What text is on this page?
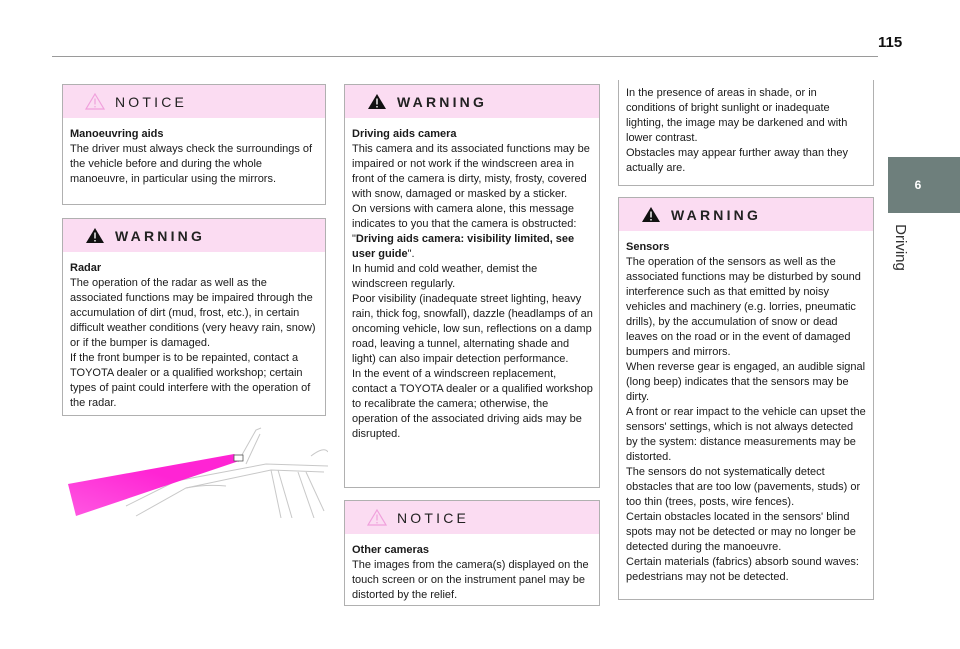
115
6
Driving
NOTICE
Manoeuvring aids
The driver must always check the surroundings of the vehicle before and during the whole manoeuvre, in particular using the mirrors.
WARNING
Radar
The operation of the radar as well as the associated functions may be impaired through the accumulation of dirt (mud, frost, etc.), in certain difficult weather conditions (very heavy rain, snow) or if the bumper is damaged.
If the front bumper is to be repainted, contact a TOYOTA dealer or a qualified workshop; certain types of paint could interfere with the operation of the radar.
WARNING
Driving aids camera
This camera and its associated functions may be impaired or not work if the windscreen area in front of the camera is dirty, misty, frosty, covered with snow, damaged or masked by a sticker.
On versions with camera alone, this message indicates to you that the camera is obstructed: "Driving aids camera: visibility limited, see user guide".
In humid and cold weather, demist the windscreen regularly.
Poor visibility (inadequate street lighting, heavy rain, thick fog, snowfall), dazzle (headlamps of an oncoming vehicle, low sun, reflections on a damp road, leaving a tunnel, alternating shade and light) can also impair detection performance.
In the event of a windscreen replacement, contact a TOYOTA dealer or a qualified workshop to recalibrate the camera; otherwise, the operation of the associated driving aids may be disrupted.
NOTICE
Other cameras
The images from the camera(s) displayed on the touch screen or on the instrument panel may be distorted by the relief.
In the presence of areas in shade, or in conditions of bright sunlight or inadequate lighting, the image may be darkened and with lower contrast.
Obstacles may appear further away than they actually are.
WARNING
Sensors
The operation of the sensors as well as the associated functions may be disturbed by sound interference such as that emitted by noisy vehicles and machinery (e.g. lorries, pneumatic drills), by the accumulation of snow or dead leaves on the road or in the event of damaged bumpers and mirrors.
When reverse gear is engaged, an audible signal (long beep) indicates that the sensors may be dirty.
A front or rear impact to the vehicle can upset the sensors' settings, which is not always detected by the system: distance measurements may be distorted.
The sensors do not systematically detect obstacles that are too low (pavements, studs) or too thin (trees, posts, wire fences).
Certain obstacles located in the sensors' blind spots may not be detected or may no longer be detected during the manoeuvre.
Certain materials (fabrics) absorb sound waves: pedestrians may not be detected.
